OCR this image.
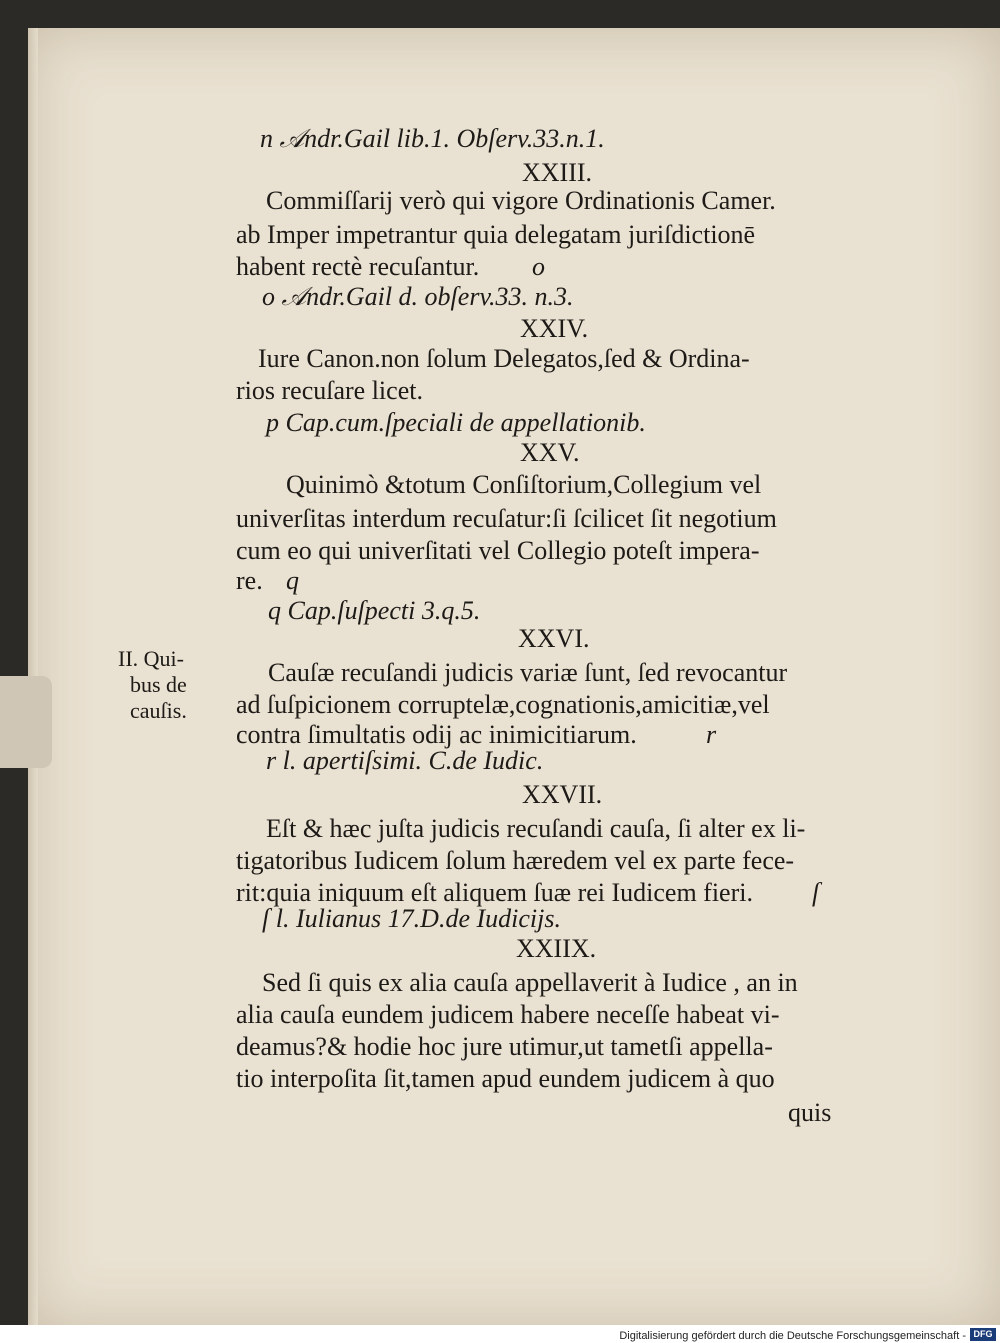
n 𝒜ndr.Gail lib.1. Obſerv.33.n.1.
XXIII.
Commiſſarij verò qui vigore Ordinationis Camer.
ab Imper impetrantur quia delegatam juriſdictionē
habent rectè recuſantur. o
o 𝒜ndr.Gail d. obſerv.33. n.3.
XXIV.
Iure Canon.non ſolum Delegatos,ſed & Ordina-
rios recuſare licet.
p Cap.cum.ſpeciali de appellationib.
XXV.
Quinimò &totum Conſiſtorium,Collegium vel
univerſitas interdum recuſatur:ſi ſcilicet ſit negotium
cum eo qui univerſitati vel Collegio poteſt impera-
re. q
q Cap.ſuſpecti 3.q.5.
XXVI.
II. Qui-
bus de
cauſis.
Cauſæ recuſandi judicis variæ ſunt, ſed revocantur
ad ſuſpicionem corruptelæ,cognationis,amicitiæ,vel
contra ſimultatis odij ac inimicitiarum.	r
r l. apertiſsimi. C.de Iudic.
XXVII.
Eſt & hæc juſta judicis recuſandi cauſa, ſi alter ex li-
tigatoribus Iudicem ſolum hæredem vel ex parte fece-
rit:quia iniquum eſt aliquem ſuæ rei Iudicem fieri. ſ
ſ l. Iulianus 17.D.de Iudicijs.
XXIIX.
Sed ſi quis ex alia cauſa appellaverit à Iudice , an in
alia cauſa eundem judicem habere neceſſe habeat vi-
deamus?& hodie hoc jure utimur,ut tametſi appella-
tio interpoſita ſit,tamen apud eundem judicem à quo
quis
Digitalisierung gefördert durch die Deutsche Forschungsgemeinschaft - DFG
